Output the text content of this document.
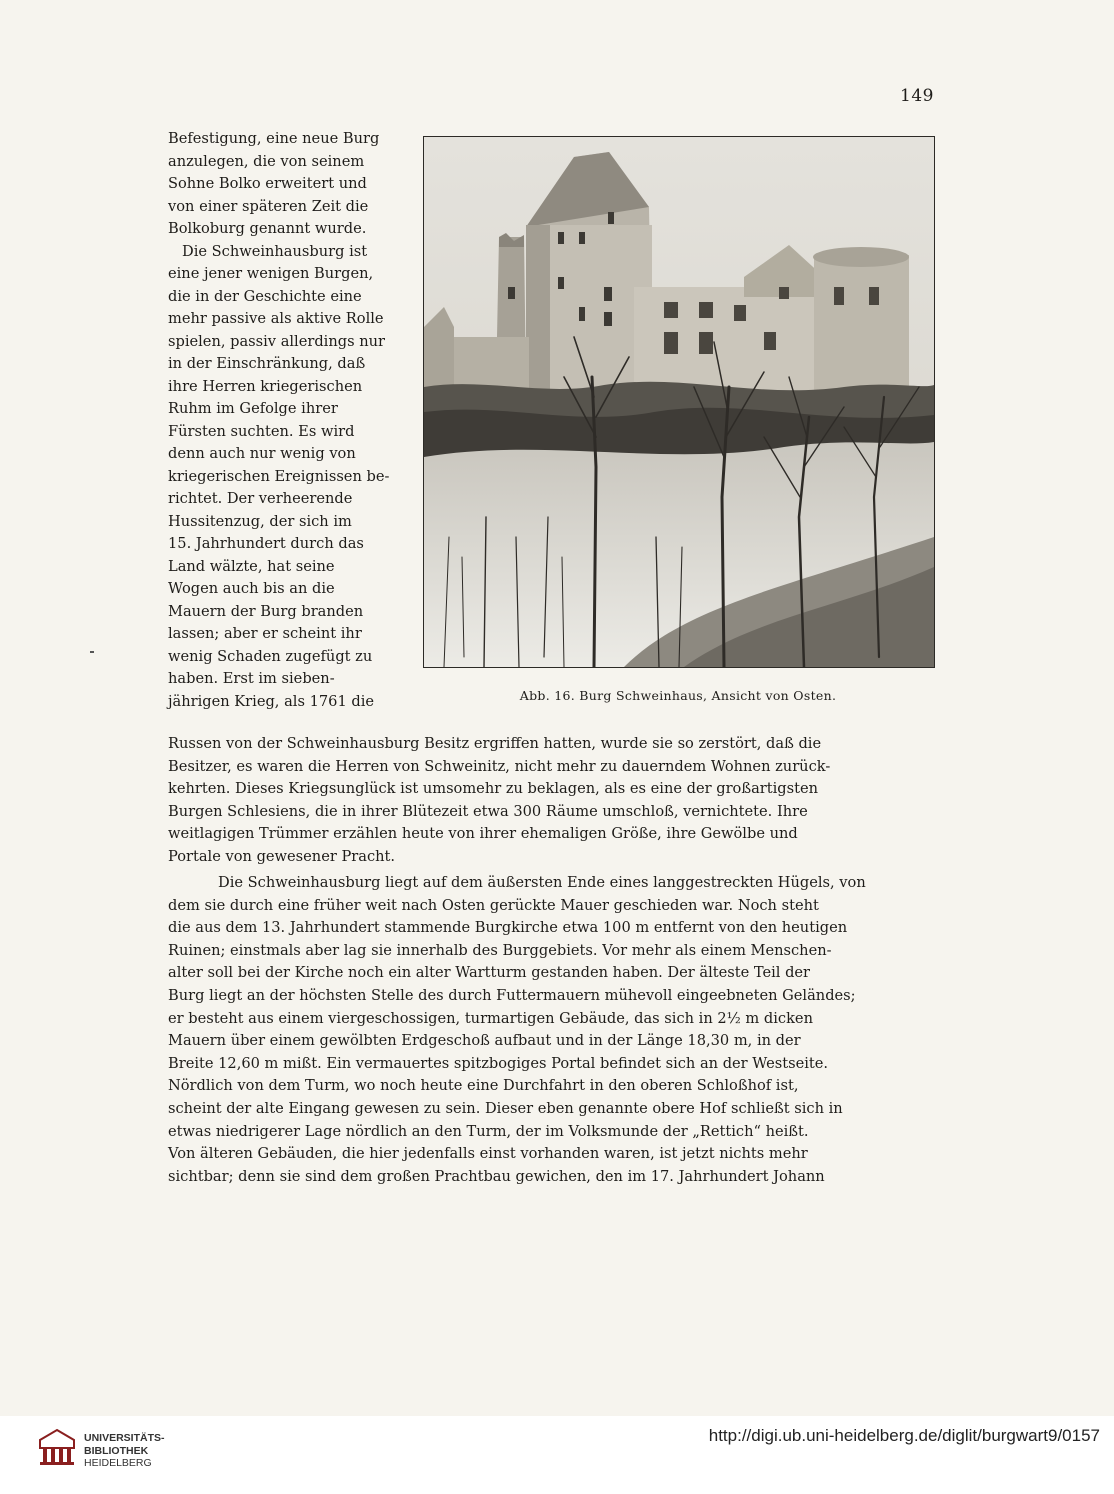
149
Befestigung, eine neue Burg
anzulegen, die von seinem
Sohne Bolko erweitert und
von einer späteren Zeit die
Bolkoburg genannt wurde.
Die Schweinhausburg ist
eine jener wenigen Burgen,
die in der Geschichte eine
mehr passive als aktive Rolle
spielen, passiv allerdings nur
in der Einschränkung, daß
ihre Herren kriegerischen
Ruhm im Gefolge ihrer
Fürsten suchten. Es wird
denn auch nur wenig von
kriegerischen Ereignissen be-
richtet. Der verheerende
Hussitenzug, der sich im
15. Jahrhundert durch das
Land wälzte, hat seine
Wogen auch bis an die
Mauern der Burg branden
lassen; aber er scheint ihr
wenig Schaden zugefügt zu
haben. Erst im sieben-
jährigen Krieg, als 1761 die	Abb. 16. Burg Schweinhaus, Ansicht von Osten.
Russen von der Schweinhausburg Besitz ergriffen hatten, wurde sie so zerstört, daß die
Besitzer, es waren die Herren von Schweinitz, nicht mehr zu dauerndem Wohnen zurück-
kehrten. Dieses Kriegsunglück ist umsomehr zu beklagen, als es eine der großartigsten
Burgen Schlesiens, die in ihrer Blütezeit etwa 300 Räume umschloß, vernichtete. Ihre
weitlagigen Trümmer erzählen heute von ihrer ehemaligen Größe, ihre Gewölbe und
Portale von gewesener Pracht.
Die Schweinhausburg liegt auf dem äußersten Ende eines langgestreckten Hügels, von
dem sie durch eine früher weit nach Osten gerückte Mauer geschieden war. Noch steht
die aus dem 13. Jahrhundert stammende Burgkirche etwa 100 m entfernt von den heutigen
Ruinen; einstmals aber lag sie innerhalb des Burggebiets. Vor mehr als einem Menschen-
alter soll bei der Kirche noch ein alter Wartturm gestanden haben. Der älteste Teil der
Burg liegt an der höchsten Stelle des durch Futtermauern mühevoll eingeebneten Geländes;
er besteht aus einem viergeschossigen, turmartigen Gebäude, das sich in 2½ m dicken
Mauern über einem gewölbten Erdgeschoß aufbaut und in der Länge 18,30 m, in der
Breite 12,60 m mißt. Ein vermauertes spitzbogiges Portal befindet sich an der Westseite.
Nördlich von dem Turm, wo noch heute eine Durchfahrt in den oberen Schloßhof ist,
scheint der alte Eingang gewesen zu sein. Dieser eben genannte obere Hof schließt sich in
etwas niedrigerer Lage nördlich an den Turm, der im Volksmunde der „Rettich“ heißt.
Von älteren Gebäuden, die hier jedenfalls einst vorhanden waren, ist jetzt nichts mehr
sichtbar; denn sie sind dem großen Prachtbau gewichen, den im 17. Jahrhundert Johann
UNIVERSITÄTS-
BIBLIOTHEK
HEIDELBERG
http://digi.ub.uni-heidelberg.de/diglit/burgwart9/0157
